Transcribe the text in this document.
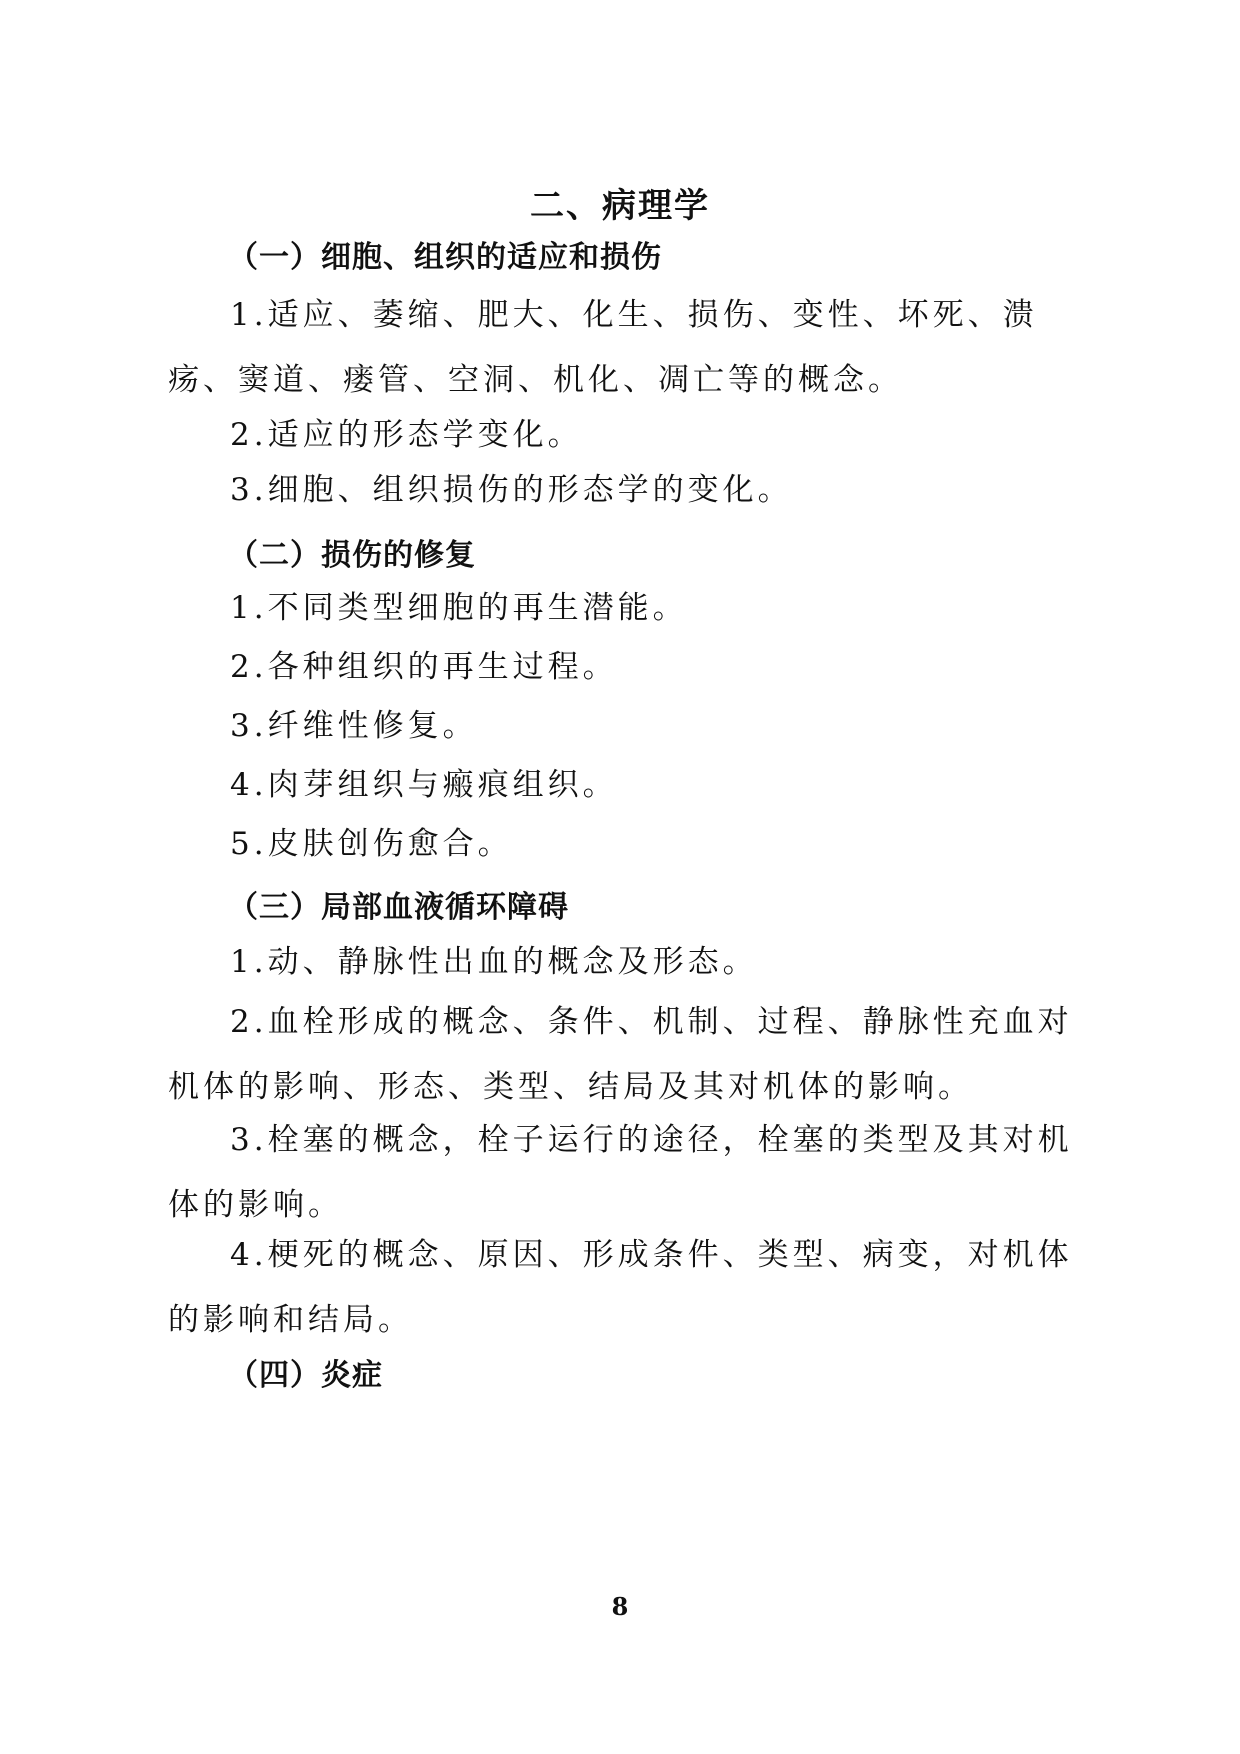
二、病理学
（一）细胞、组织的适应和损伤

1.适应、萎缩、肥大、化生、损伤、变性、坏死、溃疡、窦道、瘘管、空洞、机化、凋亡等的概念。

2.适应的形态学变化。

3.细胞、组织损伤的形态学的变化。

（二）损伤的修复

1.不同类型细胞的再生潜能。

2.各种组织的再生过程。

3.纤维性修复。

4.肉芽组织与瘢痕组织。

5.皮肤创伤愈合。

（三）局部血液循环障碍

1.动、静脉性出血的概念及形态。

2.血栓形成的概念、条件、机制、过程、静脉性充血对机体的影响、形态、类型、结局及其对机体的影响。

3.栓塞的概念，栓子运行的途径，栓塞的类型及其对机体的影响。

4.梗死的概念、原因、形成条件、类型、病变，对机体的影响和结局。

（四）炎症
8
